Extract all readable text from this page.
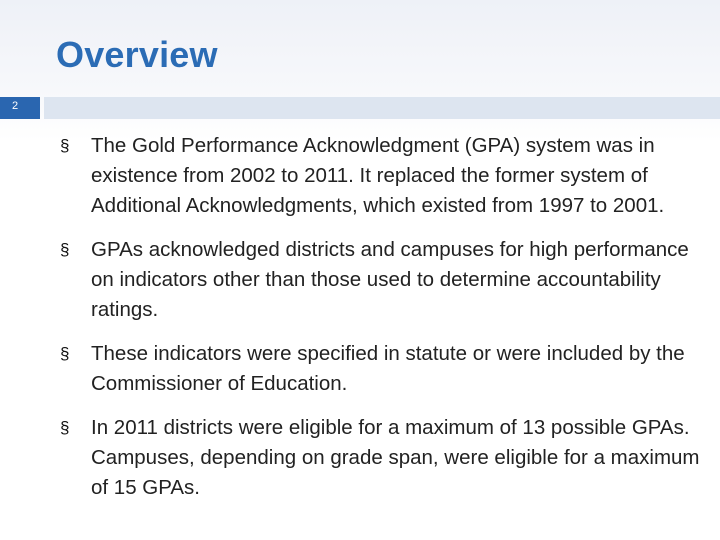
Overview
2
§	The Gold Performance Acknowledgment (GPA) system was in existence from 2002 to 2011. It replaced the former system of Additional Acknowledgments, which existed from 1997 to 2001.
§	GPAs acknowledged districts and campuses for high performance on indicators other than those used to determine accountability ratings.
§	These indicators were specified in statute or were included by the Commissioner of Education.
§	In 2011 districts were eligible for a maximum of 13 possible GPAs. Campuses, depending on grade span, were eligible for a maximum of 15 GPAs.
